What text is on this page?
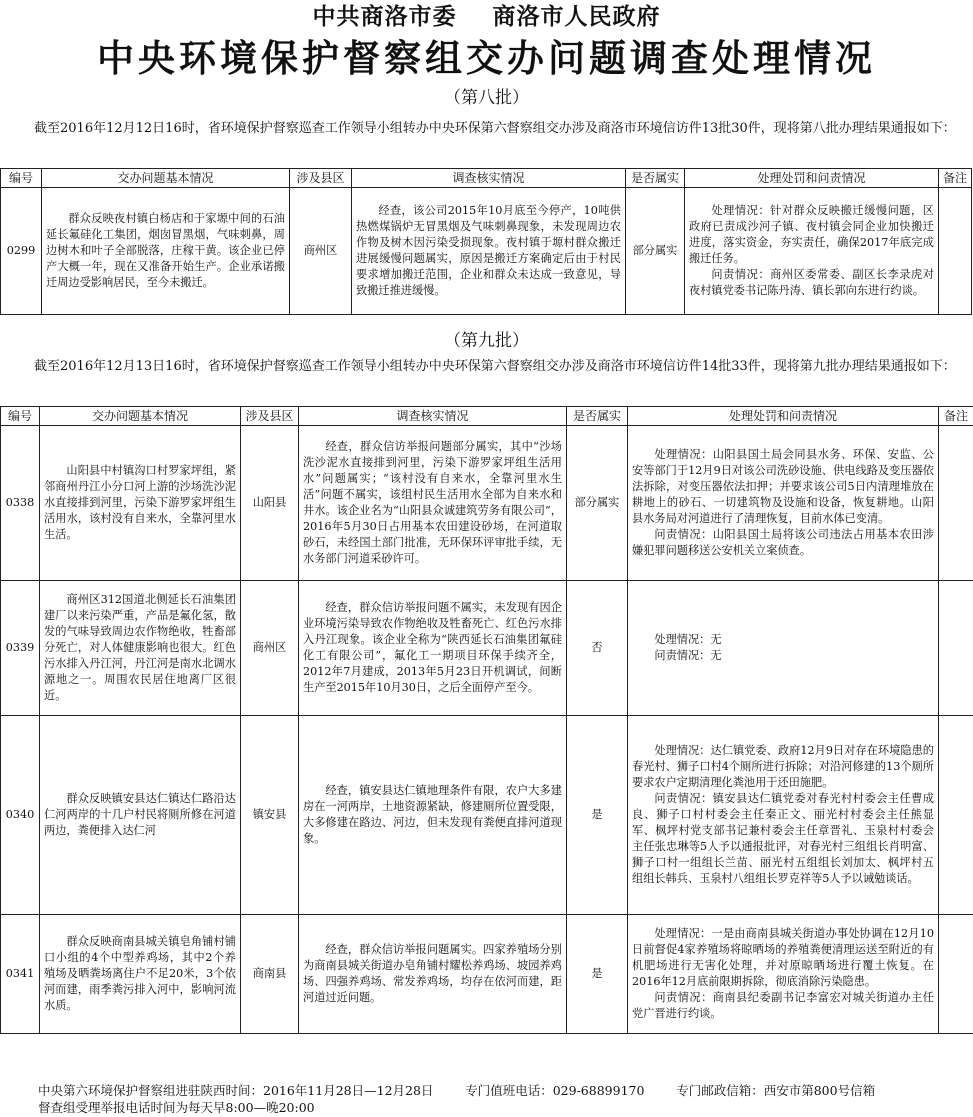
中共商洛市委    商洛市人民政府
中央环境保护督察组交办问题调查处理情况
（第八批）
截至2016年12月12日16时，省环境保护督察巡查工作领导小组转办中央环保第六督察组交办涉及商洛市环境信访件13批30件，现将第八批办理结果通报如下：
编号	交办问题基本情况	涉及县区	调查核实情况	是否属实	处理处罚和问责情况	备注
0299	群众反映夜村镇白杨店和于家塬中间的石油延长氟硅化工集团，烟囱冒黑烟，气味刺鼻，周边树木和叶子全部脱落，庄稼干黄。该企业已停产大概一年，现在又准备开始生产。企业承诺搬迁周边受影响居民，至今未搬迁。	商州区	经查，该公司2015年10月底至今停产，10吨供热燃煤锅炉无冒黑烟及气味刺鼻现象，未发现周边农作物及树木因污染受损现象。夜村镇于塬村群众搬迁进展缓慢问题属实，原因是搬迁方案确定后由于村民要求增加搬迁范围，企业和群众未达成一致意见，导致搬迁推进缓慢。	部分属实	处理情况：针对群众反映搬迁缓慢问题，区政府已责成沙河子镇、夜村镇会同企业加快搬迁进度，落实资金，夯实责任，确保2017年底完成搬迁任务。
问责情况：商州区委常委、副区长李录虎对夜村镇党委书记陈丹涛、镇长郭向东进行约谈。	

（第九批）
截至2016年12月13日16时，省环境保护督察巡查工作领导小组转办中央环保第六督察组交办涉及商洛市环境信访件14批33件，现将第九批办理结果通报如下：
编号	交办问题基本情况	涉及县区	调查核实情况	是否属实	处理处罚和问责情况	备注
0338	山阳县中村镇沟口村罗家坪组，紧邻商州丹江小分口河上游的沙场洗沙泥水直接排到河里，污染下游罗家坪组生活用水，该村没有自来水，全靠河里水生活。	山阳县	经查，群众信访举报问题部分属实，其中“沙场洗沙泥水直接排到河里，污染下游罗家坪组生活用水”问题属实；“该村没有自来水，全靠河里水生活”问题不属实，该组村民生活用水全部为自来水和井水。该企业名为“山阳县众诚建筑劳务有限公司”，2016年5月30日占用基本农田建设砂场，在河道取砂石，未经国土部门批准，无环保环评审批手续，无水务部门河道采砂许可。	部分属实	处理情况：山阳县国土局会同县水务、环保、安监、公安等部门于12月9日对该公司洗砂设施、供电线路及变压器依法拆除，对变压器依法扣押；并要求该公司5日内清理堆放在耕地上的砂石、一切建筑物及设施和设备，恢复耕地。山阳县水务局对河道进行了清理恢复，目前水体已变清。
问责情况：山阳县国土局将该公司违法占用基本农田涉嫌犯罪问题移送公安机关立案侦查。	

0339	商州区312国道北侧延长石油集团建厂以来污染严重，产品是氟化氢，散发的气味导致周边农作物绝收，牲畜部分死亡，对人体健康影响也很大。红色污水排入丹江河，丹江河是南水北调水源地之一。周围农民居住地离厂区很近。	商州区	经查，群众信访举报问题不属实，未发现有因企业环境污染导致农作物绝收及牲畜死亡、红色污水排入丹江现象。该企业全称为“陕西延长石油集团氟硅化工有限公司”，氟化工一期项目环保手续齐全，2012年7月建成，2013年5月23日开机调试，间断生产至2015年10月30日，之后全面停产至今。	否	处理情况：无
问责情况：无	

0340	群众反映镇安县达仁镇达仁路沿达仁河两岸的十几户村民将厕所修在河道两边，粪便排入达仁河	镇安县	经查，镇安县达仁镇地理条件有限，农户大多建房在一河两岸，土地资源紧缺，修建厕所位置受限，大多修建在路边、河边，但未发现有粪便直排河道现象。	是	处理情况：达仁镇党委、政府12月9日对存在环境隐患的春光村、狮子口村4个厕所进行拆除；对沿河修建的13个厕所要求农户定期清理化粪池用于还田施肥。
问责情况：镇安县达仁镇党委对春光村村委会主任曹成良、狮子口村村委会主任秦正文、丽光村村委会主任熊显军、枫坪村党支部书记兼村委会主任章晋礼、玉泉村村委会主任张忠琳等5人予以通报批评，对春光村三组组长肖明富、狮子口村一组组长兰苗、丽光村五组组长刘加太、枫坪村五组组长韩兵、玉泉村八组组长罗克祥等5人予以诫勉谈话。	

0341	群众反映商南县城关镇皂角铺村铺口小组的4个中型养鸡场，其中2个养殖场及晒粪场离住户不足20米，3个依河而建，雨季粪污排入河中，影响河流水质。	商南县	经查，群众信访举报问题属实。四家养殖场分别为商南县城关街道办皂角铺村耀松养鸡场、坡园养鸡场、四强养鸡场、常发养鸡场，均存在依河而建，距河道过近问题。	是	处理情况：一是由商南县城关街道办事处协调在12月10日前督促4家养殖场将晾晒场的养殖粪便清理运送至附近的有机肥场进行无害化处理，并对原晾晒场进行覆土恢复。在2016年12月底前限期拆除，彻底消除污染隐患。
问责情况：商南县纪委副书记李富宏对城关街道办主任党广晋进行约谈。	

中央第六环境保护督察组进驻陕西时间：2016年11月28日—12月28日        专门值班电话：029-68899170        专门邮政信箱：西安市第800号信箱
督查组受理举报电话时间为每天早8:00—晚20:00
